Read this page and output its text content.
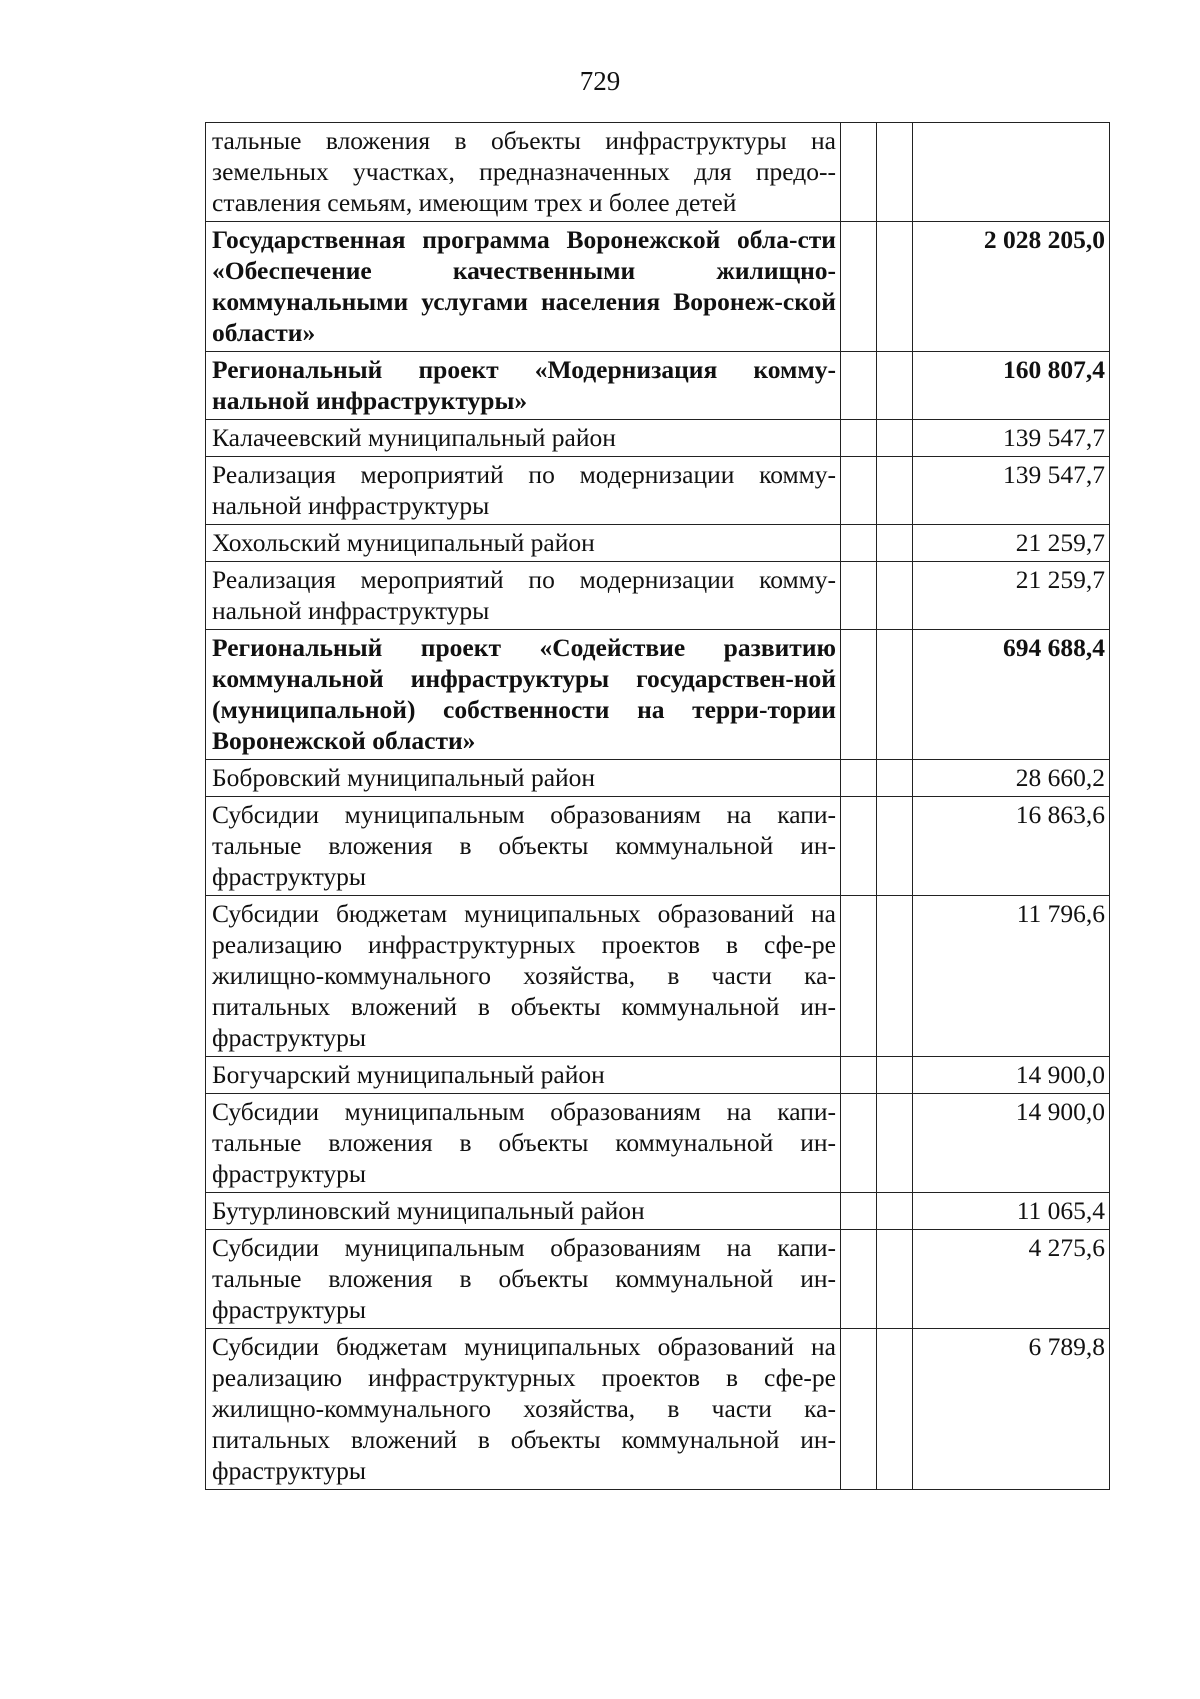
729
тальные вложения в объекты инфраструктуры на земельных участках, предназначенных для предо-ставления семьям, имеющим трех и более детей			
Государственная программа Воронежской обла-сти «Обеспечение качественными жилищно-коммунальными услугами населения Воронеж-ской области»			2 028 205,0
Региональный проект «Модернизация комму-нальной инфраструктуры»			160 807,4
Калачеевский муниципальный район			139 547,7
Реализация мероприятий по модернизации комму-нальной инфраструктуры			139 547,7
Хохольский муниципальный район			21 259,7
Реализация мероприятий по модернизации комму-нальной инфраструктуры			21 259,7
Региональный проект «Содействие развитию коммунальной инфраструктуры государствен-ной (муниципальной) собственности на терри-тории Воронежской области»			694 688,4
Бобровский муниципальный район			28 660,2
Субсидии муниципальным образованиям на капи-тальные вложения в объекты коммунальной ин-фраструктуры			16 863,6
Субсидии бюджетам муниципальных образований на реализацию инфраструктурных проектов в сфе-ре жилищно-коммунального хозяйства, в части ка-питальных вложений в объекты коммунальной ин-фраструктуры			11 796,6
Богучарский муниципальный район			14 900,0
Субсидии муниципальным образованиям на капи-тальные вложения в объекты коммунальной ин-фраструктуры			14 900,0
Бутурлиновский муниципальный район			11 065,4
Субсидии муниципальным образованиям на капи-тальные вложения в объекты коммунальной ин-фраструктуры			4 275,6
Субсидии бюджетам муниципальных образований на реализацию инфраструктурных проектов в сфе-ре жилищно-коммунального хозяйства, в части ка-питальных вложений в объекты коммунальной ин-фраструктуры			6 789,8
